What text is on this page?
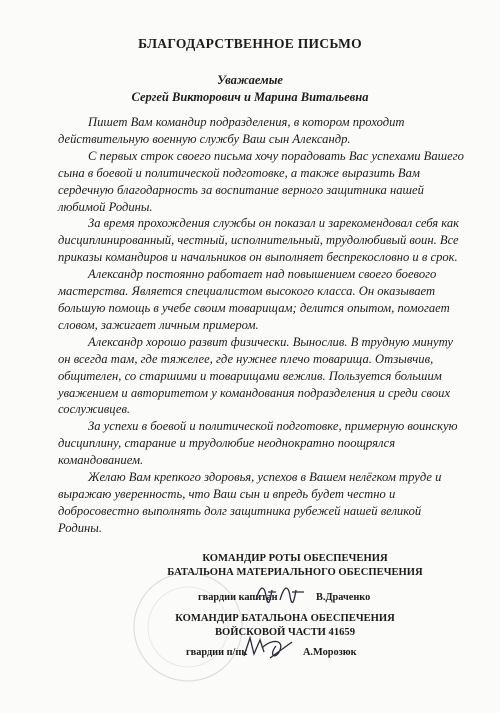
БЛАГОДАРСТВЕННОЕ ПИСЬМО
Уважаемые
Сергей Викторович и Марина Витальевна

Пишет Вам командир подразделения, в котором проходит действительную военную службу Ваш сын Александр.

С первых строк своего письма хочу порадовать Вас успехами Вашего сына в боевой и политической подготовке, а также выразить Вам сердечную благодарность за воспитание верного защитника нашей любимой Родины.

За время прохождения службы он показал и зарекомендовал себя как дисциплинированный, честный, исполнительный, трудолюбивый воин. Все приказы командиров и начальников он выполняет беспрекословно и в срок.

Александр постоянно работает над повышением своего боевого мастерства. Является специалистом высокого класса. Он оказывает большую помощь в учебе своим товарищам; делится опытом, помогает словом, зажигает личным примером.

Александр хорошо развит физически. Вынослив. В трудную минуту он всегда там, где тяжелее, где нужнее плечо товарища. Отзывчив, общителен, со старшими и товарищами вежлив. Пользуется большим уважением и авторитетом у командования подразделения и среди своих сослуживцев.

За успехи в боевой и политической подготовке, примерную воинскую дисциплину, старание и трудолюбие неоднократно поощрялся командованием.

Желаю Вам крепкого здоровья, успехов в Вашем нелёгком труде и выражаю уверенность, что Ваш сын и впредь будет честно и добросовестно выполнять долг защитника рубежей нашей великой Родины.

КОМАНДИР РОТЫ ОБЕСПЕЧЕНИЯ
БАТАЛЬОНА МАТЕРИАЛЬНОГО ОБЕСПЕЧЕНИЯ
гвардии капитан	В.Драченко
КОМАНДИР БАТАЛЬОНА ОБЕСПЕЧЕНИЯ
ВОЙСКОВОЙ ЧАСТИ 41659
гвардии п/пк	А.Морозюк
